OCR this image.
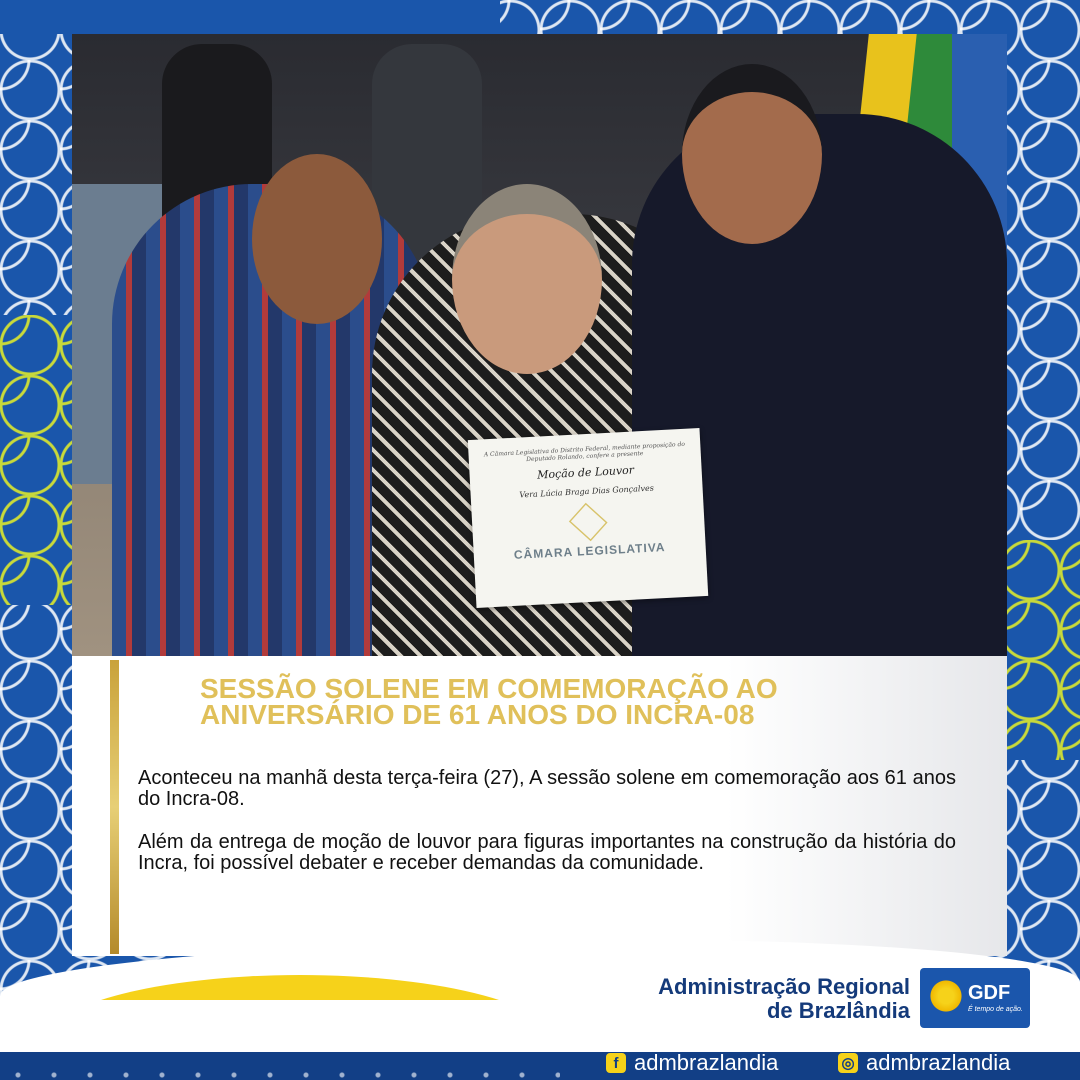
A Câmara Legislativa do Distrito Federal, mediante proposição do Deputado Rolando, confere a presente
Moção de Louvor
Vera Lúcia Braga Dias Gonçalves
CÂMARA LEGISLATIVA
SESSÃO SOLENE EM COMEMORAÇÃO AO ANIVERSÁRIO DE 61 ANOS DO INCRA-08

Aconteceu na manhã desta terça-feira (27), A sessão solene em comemoração aos 61 anos do Incra-08.

Além da entrega de moção de louvor para figuras importantes na construção da história do Incra, foi possível debater e receber demandas da comunidade.

Administração Regional
de Brazlândia
GDF
É tempo de ação.
f admbrazlandia	◎ admbrazlandia
